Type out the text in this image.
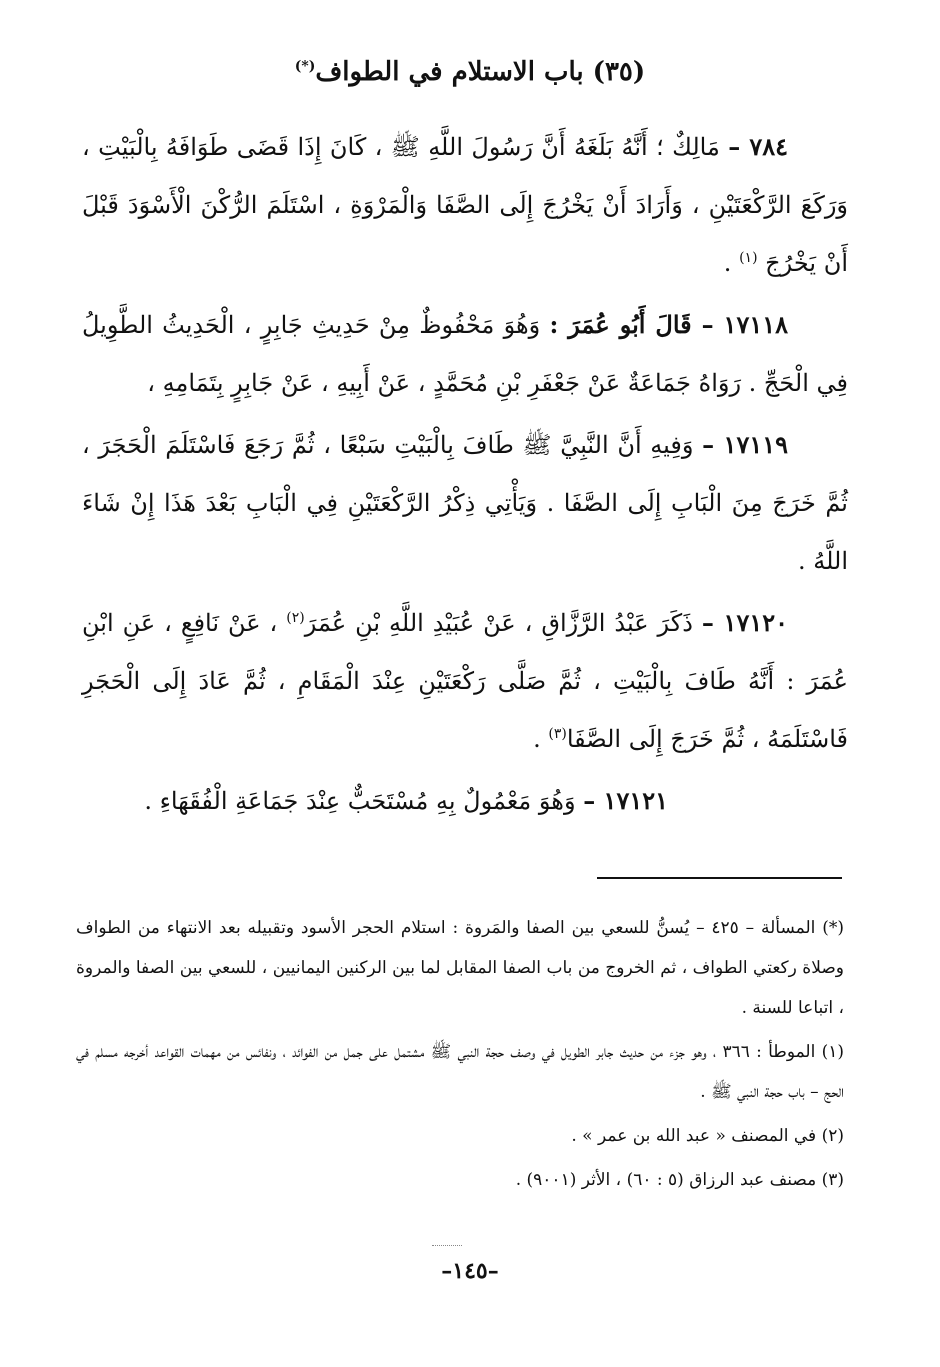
(٣٥) باب الاستلام في الطواف(*)

٧٨٤ – مَالِكٌ ؛ أَنَّهُ بَلَغَهُ أَنَّ رَسُولَ اللَّهِ ﷺ ، كَانَ إِذَا قَضَى طَوَافَهُ بِالْبَيْتِ ، وَرَكَعَ الرَّكْعَتَيْنِ ، وَأَرَادَ أَنْ يَخْرُجَ إِلَى الصَّفَا وَالْمَرْوَةِ ، اسْتَلَمَ الرُّكْنَ الْأَسْوَدَ قَبْلَ أَنْ يَخْرُجَ $^{(١)}$ .

١٧١١٨ – قَالَ أَبُو عُمَرَ : وَهُوَ مَحْفُوظٌ مِنْ حَدِيثِ جَابِرٍ ، الْحَدِيثُ الطَّوِيلُ فِي الْحَجِّ . رَوَاهُ جَمَاعَةٌ عَنْ جَعْفَرِ بْنِ مُحَمَّدٍ ، عَنْ أَبِيهِ ، عَنْ جَابِرٍ بِتَمَامِهِ ،

١٧١١٩ – وَفِيهِ أَنَّ النَّبِيَّ ﷺ طَافَ بِالْبَيْتِ سَبْعًا ، ثُمَّ رَجَعَ فَاسْتَلَمَ الْحَجَرَ ، ثُمَّ خَرَجَ مِنَ الْبَابِ إِلَى الصَّفَا . وَيَأْتِي ذِكْرُ الرَّكْعَتَيْنِ فِي الْبَابِ بَعْدَ هَذَا إِنْ شَاءَ اللَّهُ .

١٧١٢٠ – ذَكَرَ عَبْدُ الرَّزَّاقِ ، عَنْ عُبَيْدِ اللَّهِ بْنِ عُمَرَ$^{(٢)}$ ، عَنْ نَافِعٍ ، عَنِ ابْنِ عُمَرَ : أَنَّهُ طَافَ بِالْبَيْتِ ، ثُمَّ صَلَّى رَكْعَتَيْنِ عِنْدَ الْمَقَامِ ، ثُمَّ عَادَ إِلَى الْحَجَرِ فَاسْتَلَمَهُ ، ثُمَّ خَرَجَ إِلَى الصَّفَا$^{(٣)}$ .

١٧١٢١ – وَهُوَ مَعْمُولٌ بِهِ مُسْتَحَبٌّ عِنْدَ جَمَاعَةِ الْفُقَهَاءِ .

(*) المسألة – ٤٢٥ – يُسنُّ للسعي بين الصفا والمَروة : استلام الحجر الأسود وتقبيله بعد الانتهاء من الطواف وصلاة ركعتي الطواف ، ثم الخروج من باب الصفا المقابل لما بين الركنين اليمانيين ، للسعي بين الصفا والمروة ، اتباعا للسنة .

(١) الموطأ : ٣٦٦ ، وهو جزء من حديث جابر الطويل في وصف حجة النبي ﷺ مشتمل على جمل من الفوائد ، ونفائس من مهمات القواعد أخرجه مسلم في الحج – باب حجة النبي ﷺ .

(٢) في المصنف « عبد الله بن عمر » .

(٣) مصنف عبد الرزاق (٥ : ٦٠) ، الأثر (٩٠٠١) .

–١٤٥–
